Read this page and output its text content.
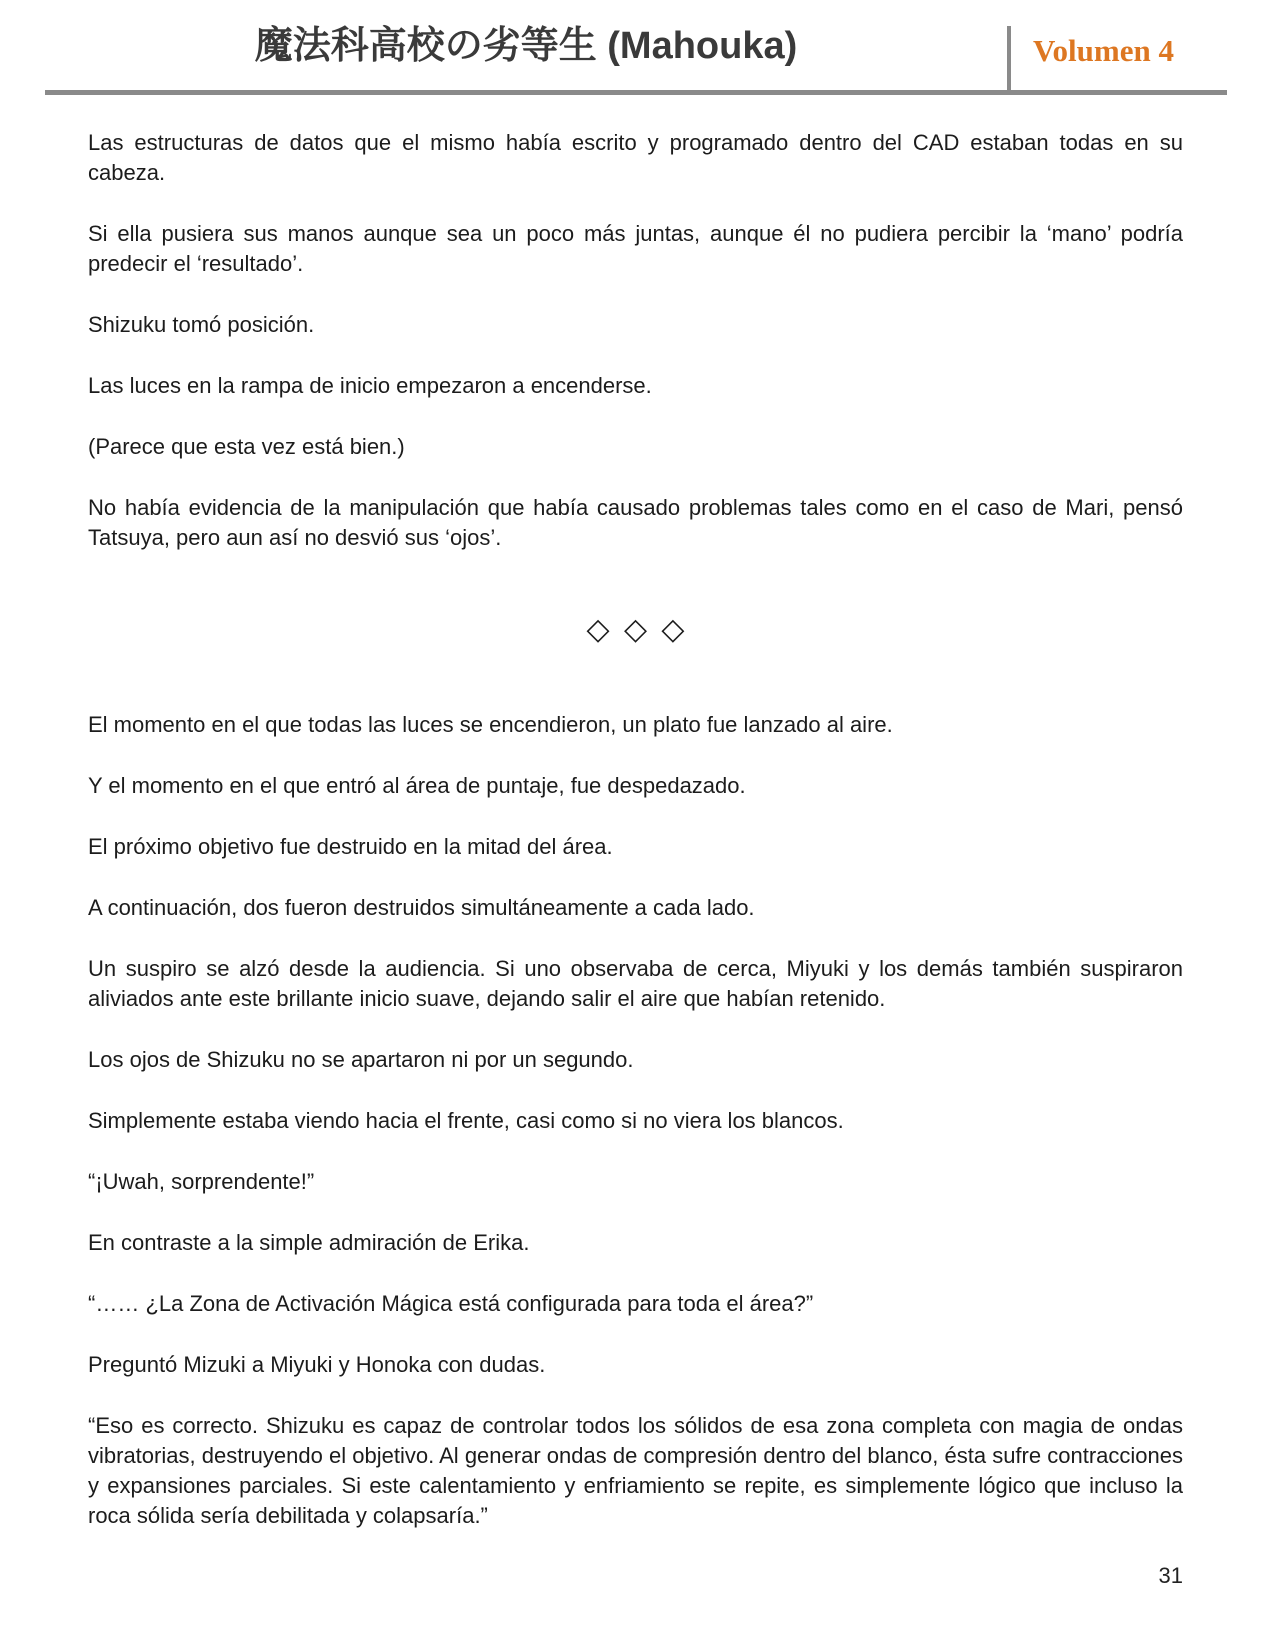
魔法科高校の劣等生 (Mahouka)	Volumen 4

Las estructuras de datos que el mismo había escrito y programado dentro del CAD estaban todas en su cabeza.

Si ella pusiera sus manos aunque sea un poco más juntas, aunque él no pudiera percibir la ‘mano’ podría predecir el ‘resultado’.

Shizuku tomó posición.

Las luces en la rampa de inicio empezaron a encenderse.

(Parece que esta vez está bien.)

No había evidencia de la manipulación que había causado problemas tales como en el caso de Mari, pensó Tatsuya, pero aun así no desvió sus ‘ojos’.

◇ ◇ ◇

El momento en el que todas las luces se encendieron, un plato fue lanzado al aire.

Y el momento en el que entró al área de puntaje, fue despedazado.

El próximo objetivo fue destruido en la mitad del área.

A continuación, dos fueron destruidos simultáneamente a cada lado.

Un suspiro se alzó desde la audiencia. Si uno observaba de cerca, Miyuki y los demás también suspiraron aliviados ante este brillante inicio suave, dejando salir el aire que habían retenido.

Los ojos de Shizuku no se apartaron ni por un segundo.

Simplemente estaba viendo hacia el frente, casi como si no viera los blancos.

“¡Uwah, sorprendente!”

En contraste a la simple admiración de Erika.

“…… ¿La Zona de Activación Mágica está configurada para toda el área?”

Preguntó Mizuki a Miyuki y Honoka con dudas.

“Eso es correcto. Shizuku es capaz de controlar todos los sólidos de esa zona completa con magia de ondas vibratorias, destruyendo el objetivo. Al generar ondas de compresión dentro del blanco, ésta sufre contracciones y expansiones parciales. Si este calentamiento y enfriamiento se repite, es simplemente lógico que incluso la roca sólida sería debilitada y colapsaría.”

31
